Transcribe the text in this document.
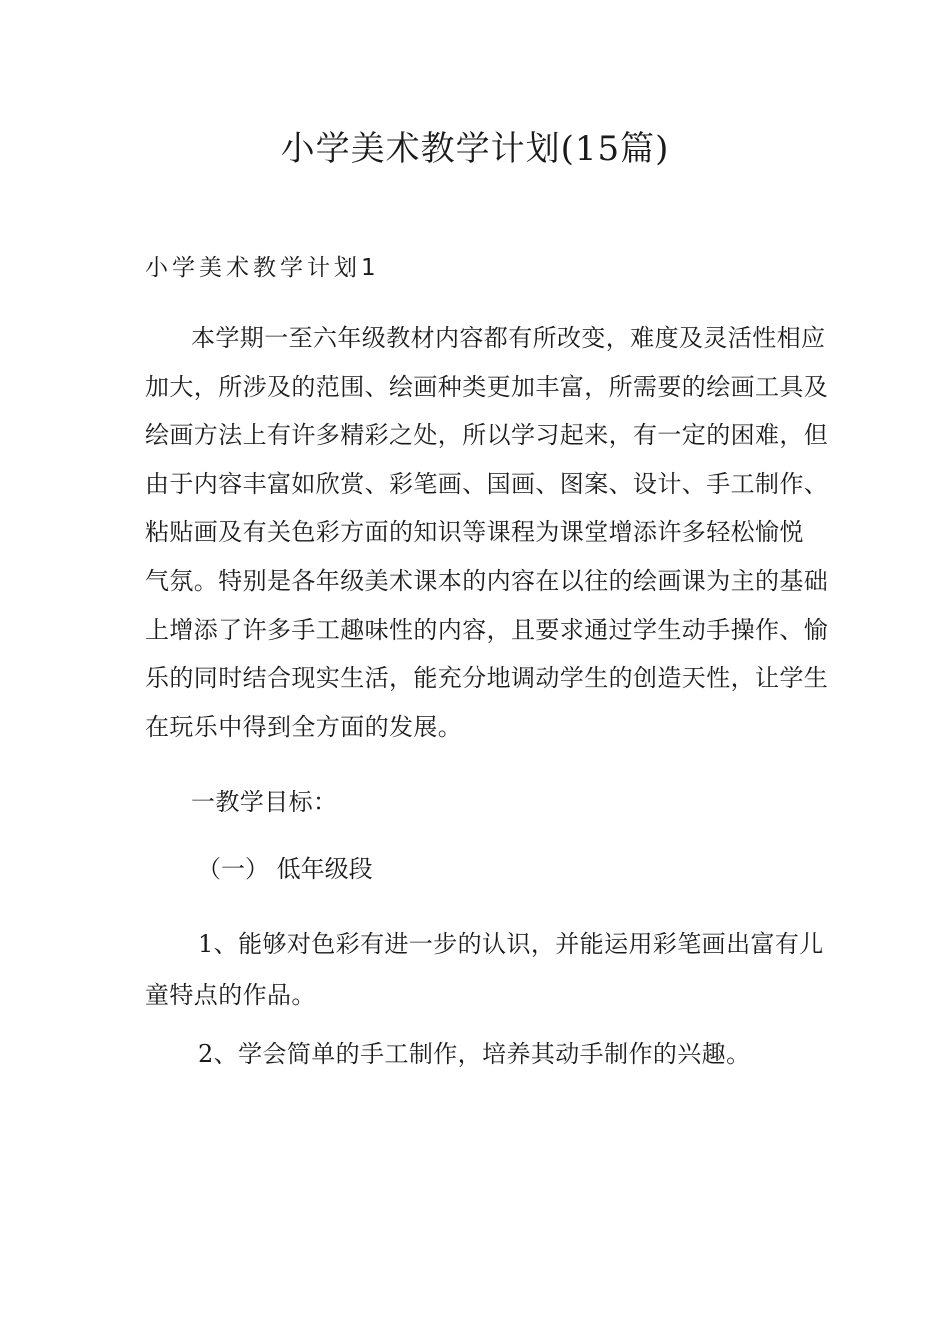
小学美术教学计划(15篇)
小学美术教学计划1
本学期一至六年级教材内容都有所改变，难度及灵活性相应
加大，所涉及的范围、绘画种类更加丰富，所需要的绘画工具及
绘画方法上有许多精彩之处，所以学习起来，有一定的困难，但
由于内容丰富如欣赏、彩笔画、国画、图案、设计、手工制作、
粘贴画及有关色彩方面的知识等课程为课堂增添许多轻松愉悦
气氛。特别是各年级美术课本的内容在以往的绘画课为主的基础
上增添了许多手工趣味性的内容，且要求通过学生动手操作、愉
乐的同时结合现实生活，能充分地调动学生的创造天性，让学生
在玩乐中得到全方面的发展。
一教学目标：
（一） 低年级段
1、能够对色彩有进一步的认识，并能运用彩笔画出富有儿
童特点的作品。
2、学会简单的手工制作，培养其动手制作的兴趣。
